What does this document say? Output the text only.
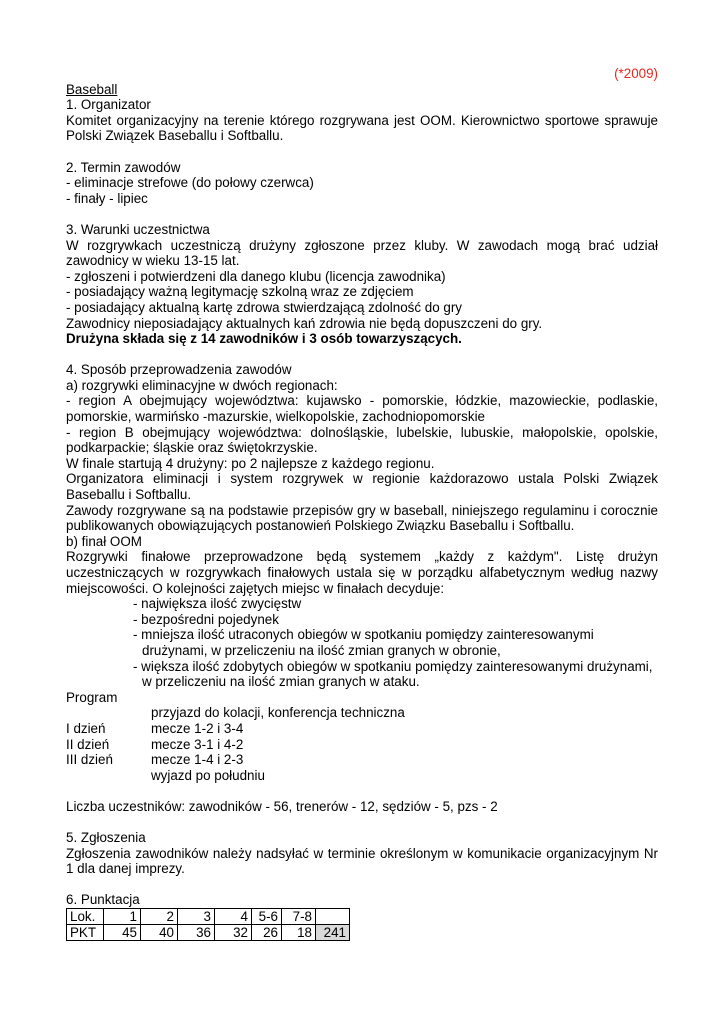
(*2009)

Baseball

1. Organizator

Komitet organizacyjny na terenie którego rozgrywana jest OOM. Kierownictwo sportowe sprawuje Polski Związek Baseballu i Softballu.

2. Termin zawodów

- eliminacje strefowe (do połowy czerwca)

- finały - lipiec

3. Warunki uczestnictwa

W rozgrywkach uczestniczą drużyny zgłoszone przez kluby. W zawodach mogą brać udział zawodnicy w wieku 13-15 lat.

- zgłoszeni i potwierdzeni dla danego klubu (licencja zawodnika)

- posiadający ważną legitymację szkolną wraz ze zdjęciem

- posiadający aktualną kartę zdrowa stwierdzającą zdolność do gry

Zawodnicy nieposiadający aktualnych kań zdrowia nie będą dopuszczeni do gry.

Drużyna składa się z 14 zawodników i 3 osób towarzyszących.

4. Sposób przeprowadzenia zawodów

a) rozgrywki eliminacyjne w dwóch regionach:

- region A obejmujący województwa: kujawsko - pomorskie, łódzkie, mazowieckie, podlaskie, pomorskie, warmińsko -mazurskie, wielkopolskie, zachodniopomorskie

- region B obejmujący województwa: dolnośląskie, lubelskie, lubuskie, małopolskie, opolskie, podkarpackie; śląskie oraz świętokrzyskie.

W finale startują 4 drużyny: po 2 najlepsze z każdego regionu.

Organizatora eliminacji i system rozgrywek w regionie każdorazowo ustala Polski Związek Baseballu i Softballu.

Zawody rozgrywane są na podstawie przepisów gry w baseball, niniejszego regulaminu i corocznie publikowanych obowiązujących postanowień Polskiego Związku Baseballu i Softballu.

b) finał OOM

Rozgrywki finałowe przeprowadzone będą systemem „każdy z każdym". Listę drużyn uczestniczących w rozgrywkach finałowych ustala się w porządku alfabetycznym według nazwy miejscowości. O kolejności zajętych miejsc w finałach decyduje:

- największa ilość zwycięstw

- bezpośredni pojedynek

- mniejsza ilość utraconych obiegów w spotkaniu pomiędzy zainteresowanymi

drużynami, w przeliczeniu na ilość zmian granych w obronie,

- większa ilość zdobytych obiegów w spotkaniu pomiędzy zainteresowanymi drużynami,

w przeliczeniu na ilość zmian granych w ataku.

Program

przyjazd do kolacji, konferencja techniczna
I dzień	mecze 1-2 i 3-4
II dzień	mecze 3-1 i 4-2
III dzień	mecze 1-4 i 2-3
wyjazd po południu

Liczba uczestników: zawodników - 56, trenerów - 12, sędziów - 5, pzs - 2

5. Zgłoszenia

Zgłoszenia zawodników należy nadsyłać w terminie określonym w komunikacie organizacyjnym Nr 1 dla danej imprezy.

6. Punktacja

Lok.	1	2	3	4	5-6	7-8	
PKT	45	40	36	32	26	18	241
